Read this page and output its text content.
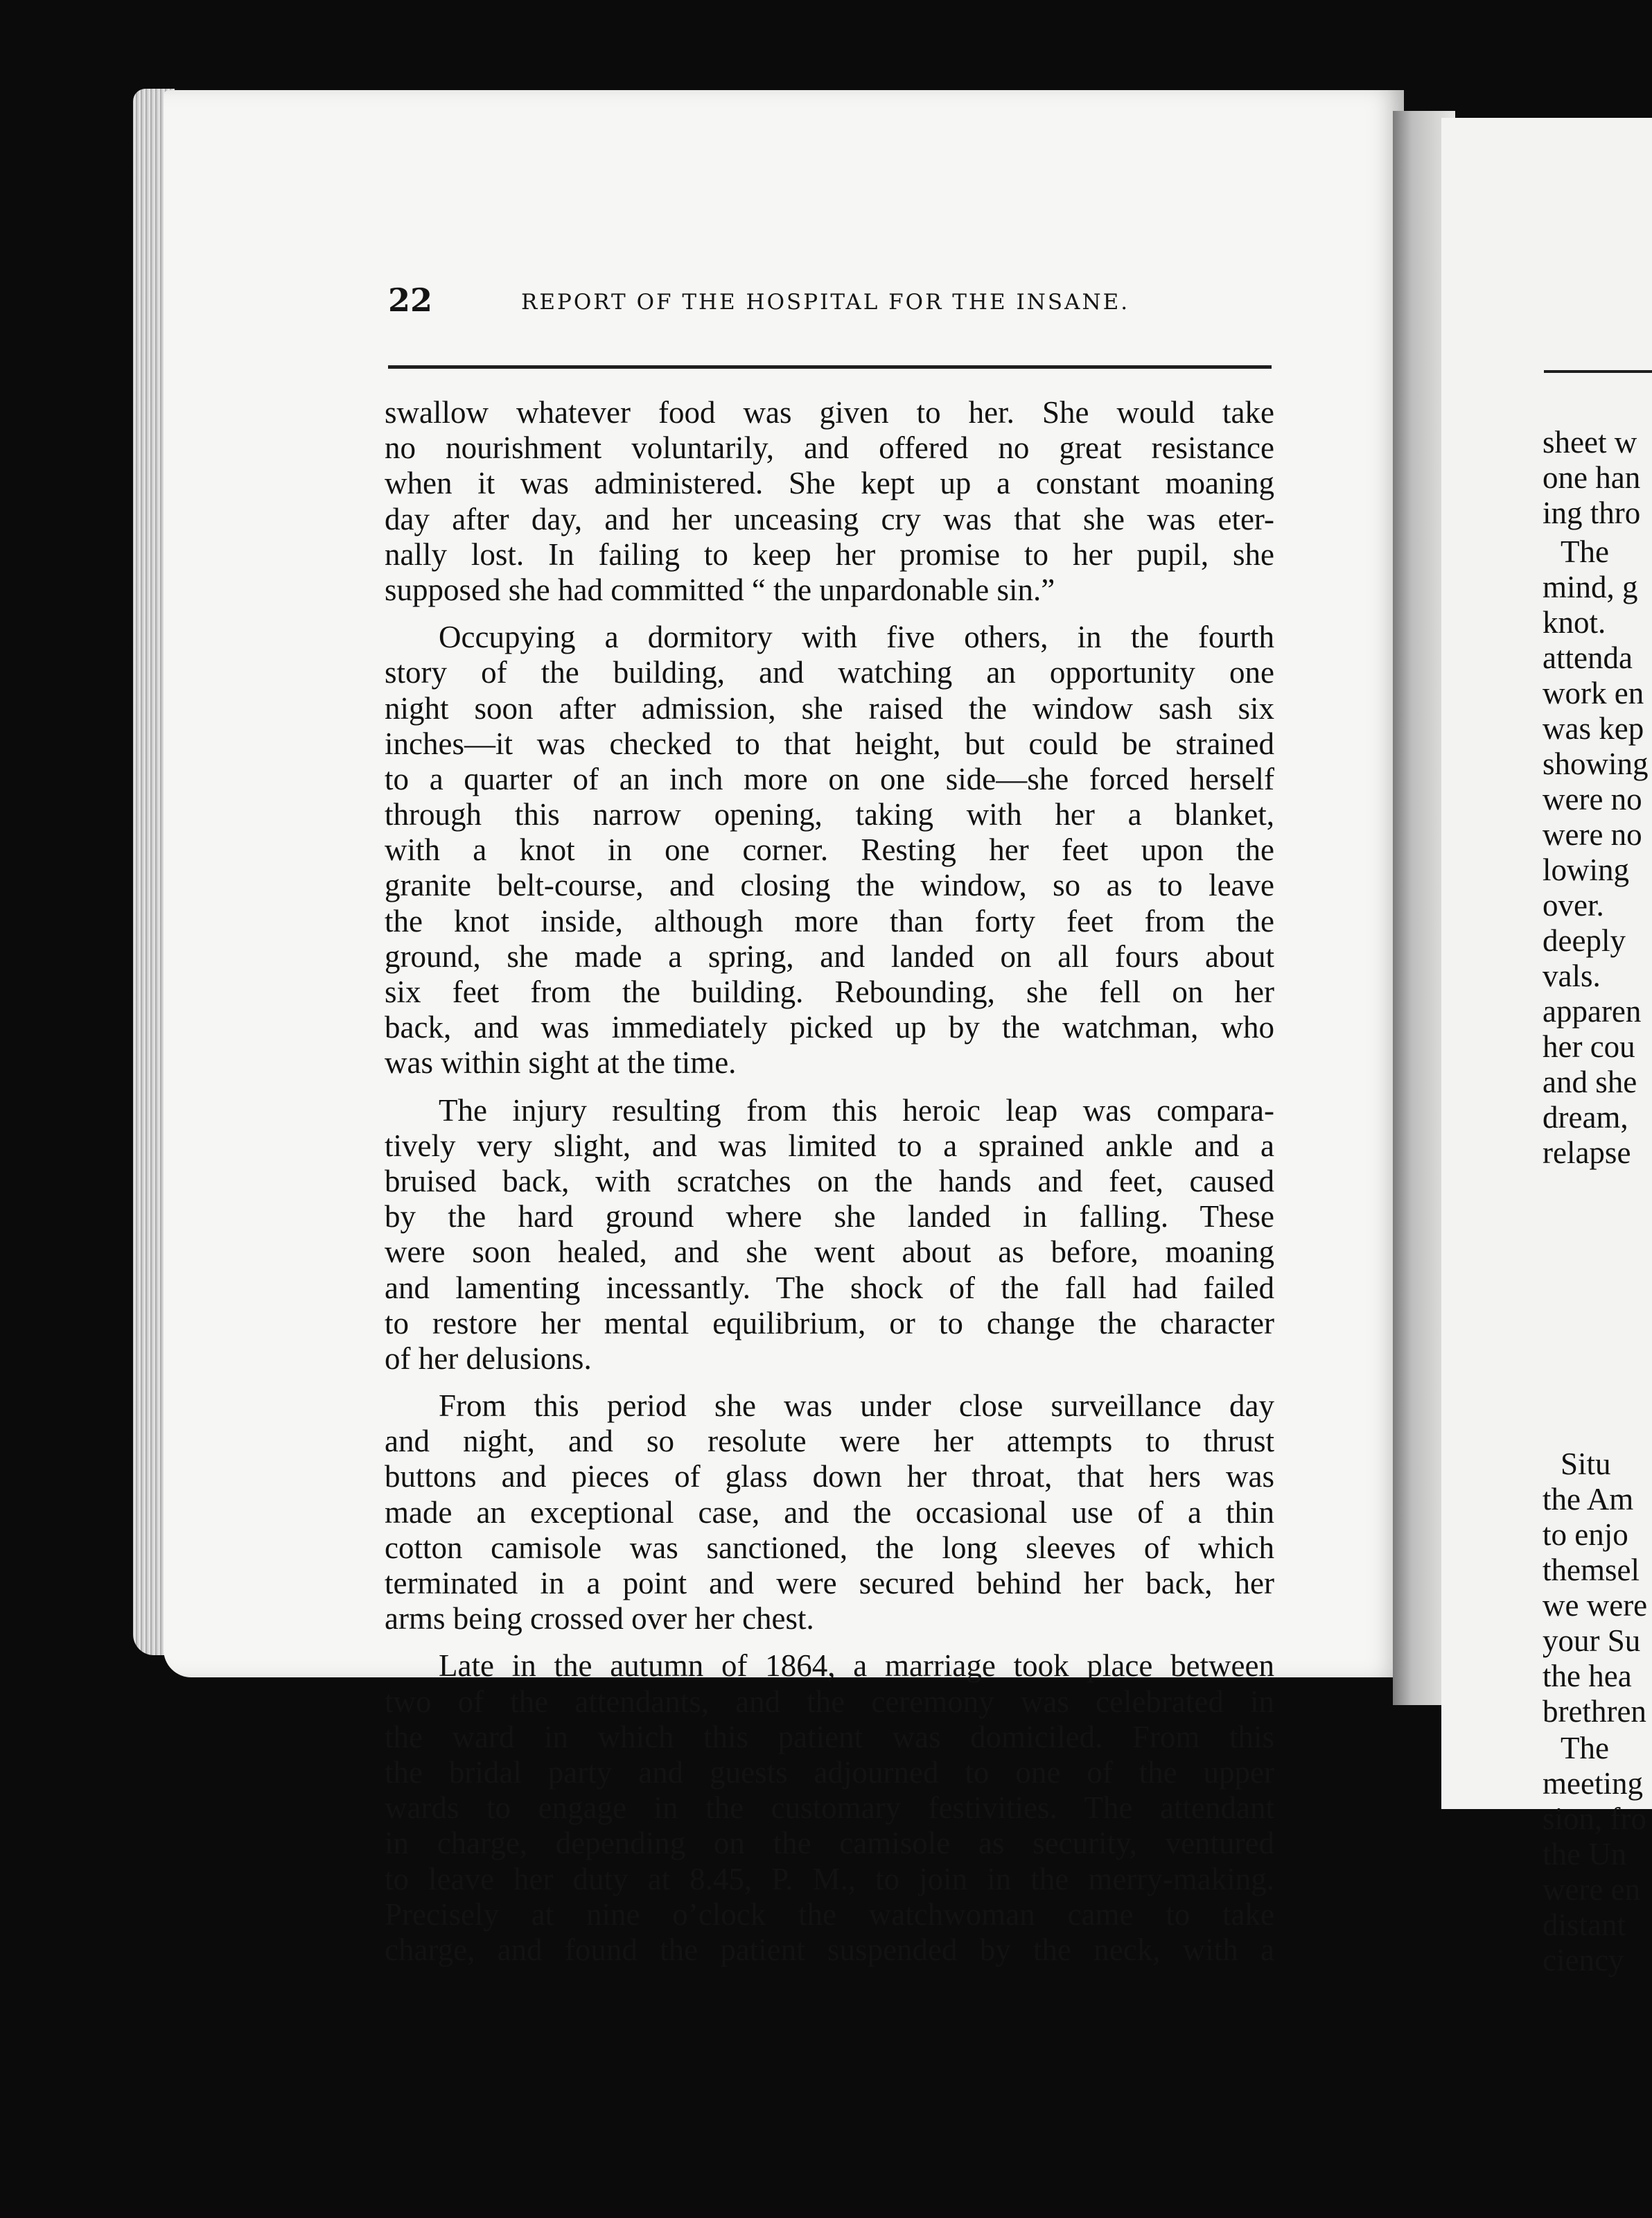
22	REPORT OF THE HOSPITAL FOR THE INSANE.
swallow whatever food was given to her. She would take
no nourishment voluntarily, and offered no great resistance
when it was administered. She kept up a constant moaning
day after day, and her unceasing cry was that she was eter-
nally lost. In failing to keep her promise to her pupil, she
supposed she had committed “ the unpardonable sin.”
Occupying a dormitory with five others, in the fourth
story of the building, and watching an opportunity one
night soon after admission, she raised the window sash six
inches—it was checked to that height, but could be strained
to a quarter of an inch more on one side—she forced herself
through this narrow opening, taking with her a blanket,
with a knot in one corner. Resting her feet upon the
granite belt-course, and closing the window, so as to leave
the knot inside, although more than forty feet from the
ground, she made a spring, and landed on all fours about
six feet from the building. Rebounding, she fell on her
back, and was immediately picked up by the watchman, who
was within sight at the time.
The injury resulting from this heroic leap was compara-
tively very slight, and was limited to a sprained ankle and a
bruised back, with scratches on the hands and feet, caused
by the hard ground where she landed in falling. These
were soon healed, and she went about as before, moaning
and lamenting incessantly. The shock of the fall had failed
to restore her mental equilibrium, or to change the character
of her delusions.
From this period she was under close surveillance day
and night, and so resolute were her attempts to thrust
buttons and pieces of glass down her throat, that hers was
made an exceptional case, and the occasional use of a thin
cotton camisole was sanctioned, the long sleeves of which
terminated in a point and were secured behind her back, her
arms being crossed over her chest.
Late in the autumn of 1864, a marriage took place between
two of the attendants, and the ceremony was celebrated in
the ward in which this patient was domiciled. From this
the bridal party and guests adjourned to one of the upper
wards to engage in the customary festivities. The attendant
in charge, depending on the camisole as security, ventured
to leave her duty at 8.45, P. M., to join in the merry-making.
Precisely at nine o’clock the watchwoman came to take
charge, and found the patient suspended by the neck, with a
sheet w
one han
ing thro
The
mind, g
knot.
attenda
work en
was kep
showing
were no
were no
lowing
over.
deeply
vals.
apparen
her cou
and she
dream,
relapse
Situ
the Am
to enjo
themsel
we were
your Su
the hea
brethren
The
meeting
sion, fro
the Un
were en
distant
ciency
